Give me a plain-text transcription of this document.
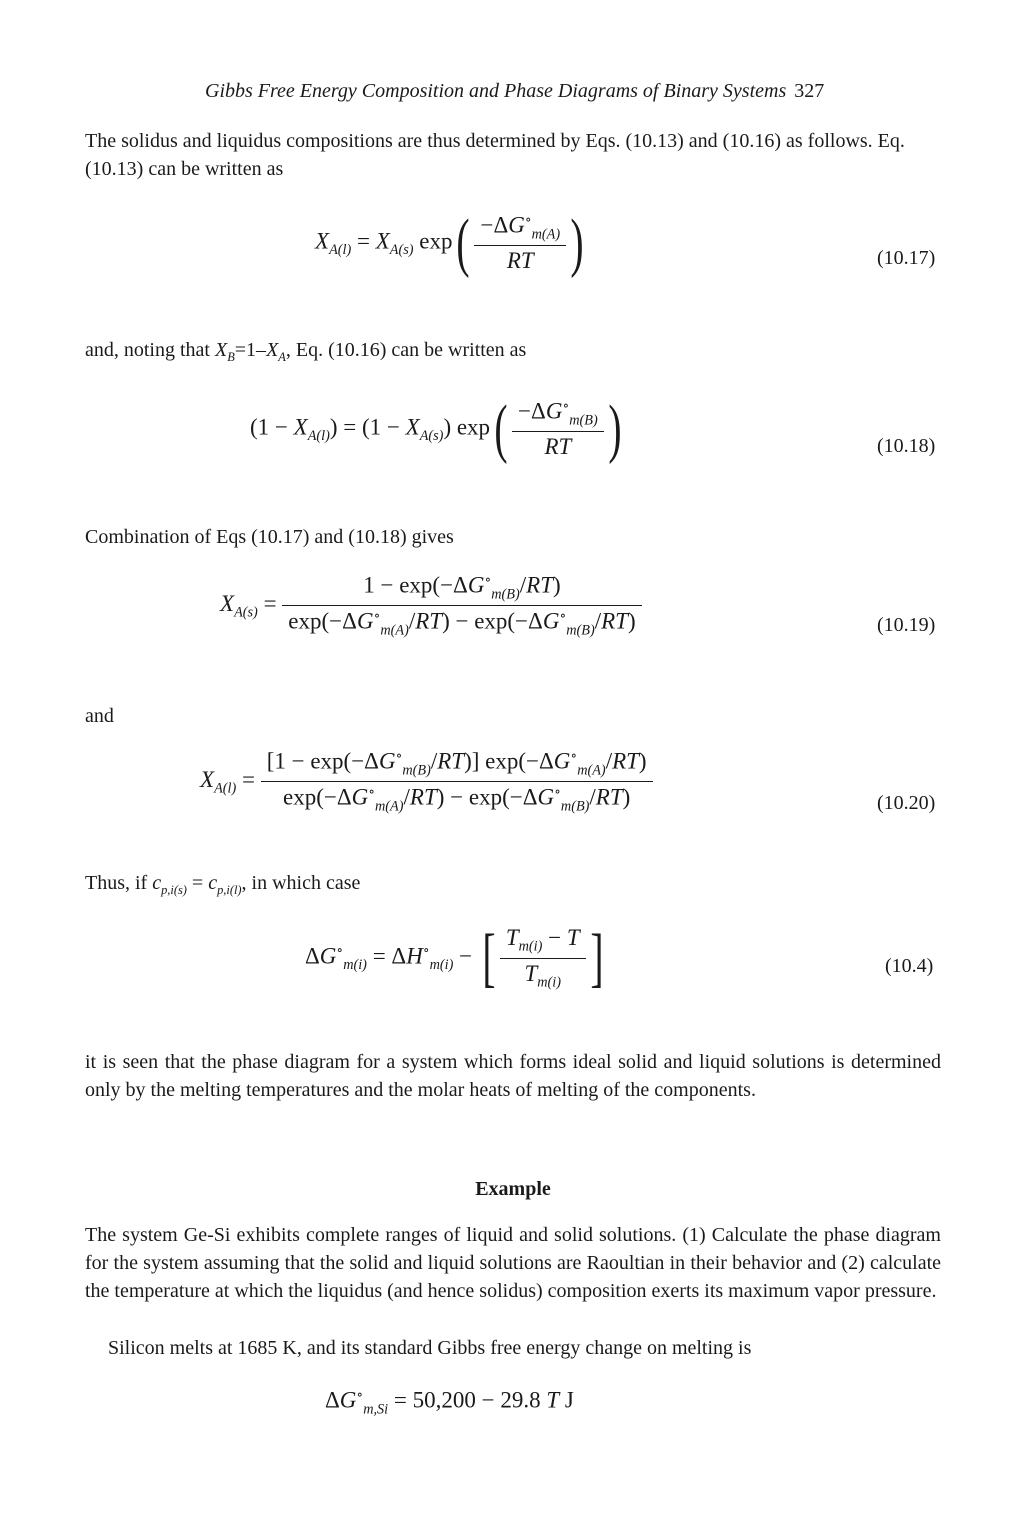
Gibbs Free Energy Composition and Phase Diagrams of Binary Systems 327
The solidus and liquidus compositions are thus determined by Eqs. (10.13) and (10.16) as follows. Eq. (10.13) can be written as
$X_{A(l)} = X_{A(s)}$ $\exp( \frac{-\Delta G^\circ_{m(A)}}{RT}$ )	(10.17)
and, noting that $X_B=1-X_A$, Eq. (10.16) can be written as
$(1 - X_{A(l)}) = (1 - X_{A(s)})$ $\exp( \frac{-\Delta G^\circ_{m(B)}}{RT}$ )	(10.18)
Combination of Eqs (10.17) and (10.18) gives
$X_{A(s)} = \frac{1 - \exp(-\Delta G^\circ_{m(B)}/RT)}{\exp(-\Delta G^\circ_{m(A)}/RT) - \exp(-\Delta G^\circ_{m(B)}/RT)}$	(10.19)
and
$X_{A(l)} = \frac{[1 - \exp(-\Delta G^\circ_{m(B)}/RT)] \exp(-\Delta G^\circ_{m(A)}/RT)}{\exp(-\Delta G^\circ_{m(A)}/RT) - \exp(-\Delta G^\circ_{m(B)}/RT)}$	(10.20)
Thus, if $c_{p,i(s)} = c_{p,i(l)}$, in which case
$\Delta G^\circ_{m(i)} = \Delta H^\circ_{m(i)}$ − [ $\frac{T_{m(i)} - T}{T_{m(i)}}$ ]	(10.4)
it is seen that the phase diagram for a system which forms ideal solid and liquid solutions is determined only by the melting temperatures and the molar heats of melting of the components.
Example
The system Ge-Si exhibits complete ranges of liquid and solid solutions. (1) Calculate the phase diagram for the system assuming that the solid and liquid solutions are Raoultian in their behavior and (2) calculate the temperature at which the liquidus (and hence solidus) composition exerts its maximum vapor pressure.
Silicon melts at 1685 K, and its standard Gibbs free energy change on melting is
$\Delta G^\circ_{m,Si} = 50,200 - 29.8$ T J
